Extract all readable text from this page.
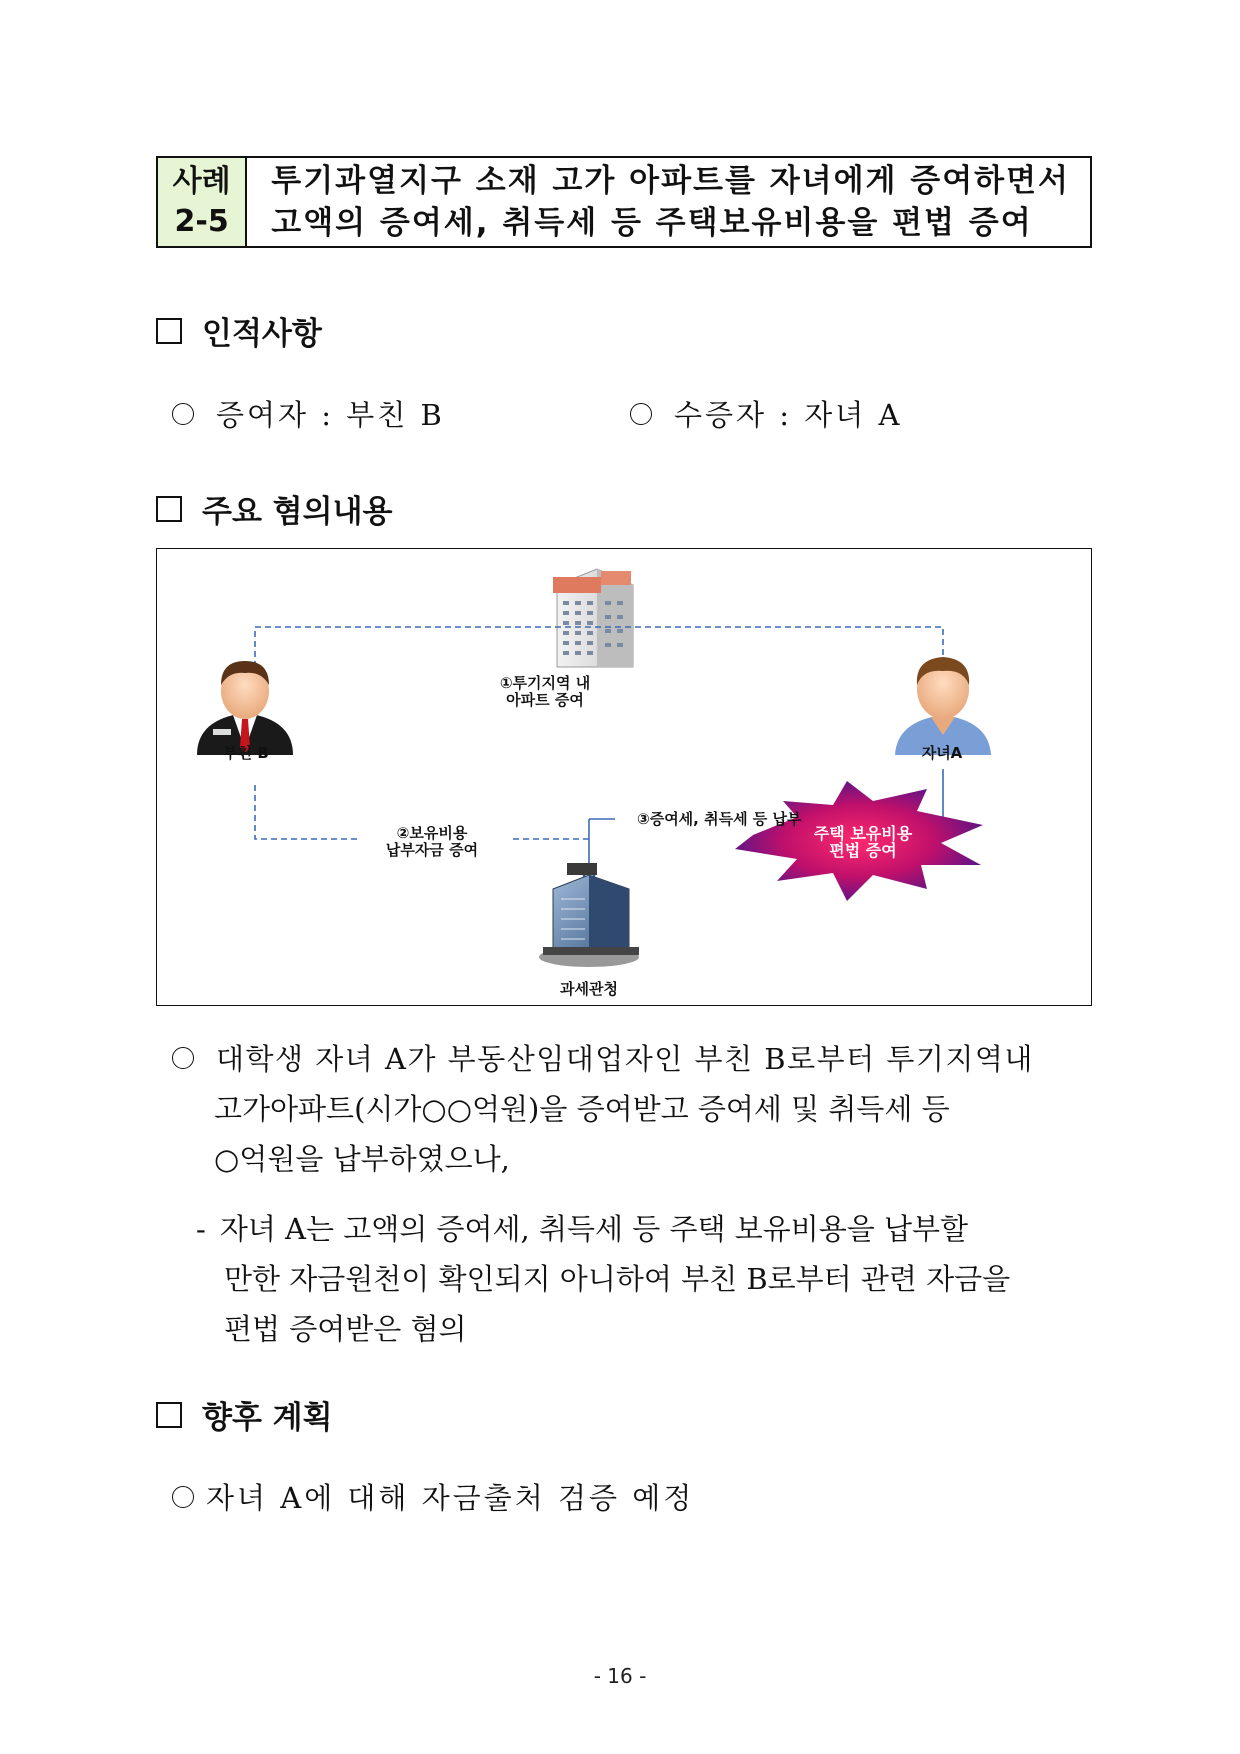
사례
2-5
투기과열지구 소재 고가 아파트를 자녀에게 증여하면서
고액의 증여세, 취득세 등 주택보유비용을 편법 증여
인적사항
증여자 : 부친 B	수증자 : 자녀 A
주요 혐의내용
부친 B	자녀A
과세관청
①투기지역 내
아파트 증여
②보유비용
납부자금 증여
③증여세, 취득세 등 납부
주택 보유비용
편법 증여
대학생 자녀 A가 부동산임대업자인 부친 B로부터 투기지역내
고가아파트(시가○○억원)을 증여받고 증여세 및 취득세 등
○억원을 납부하였으나,
- 자녀 A는 고액의 증여세, 취득세 등 주택 보유비용을 납부할
만한 자금원천이 확인되지 아니하여 부친 B로부터 관련 자금을
편법 증여받은 혐의
향후 계획
자녀 A에 대해 자금출처 검증 예정
- 16 -
